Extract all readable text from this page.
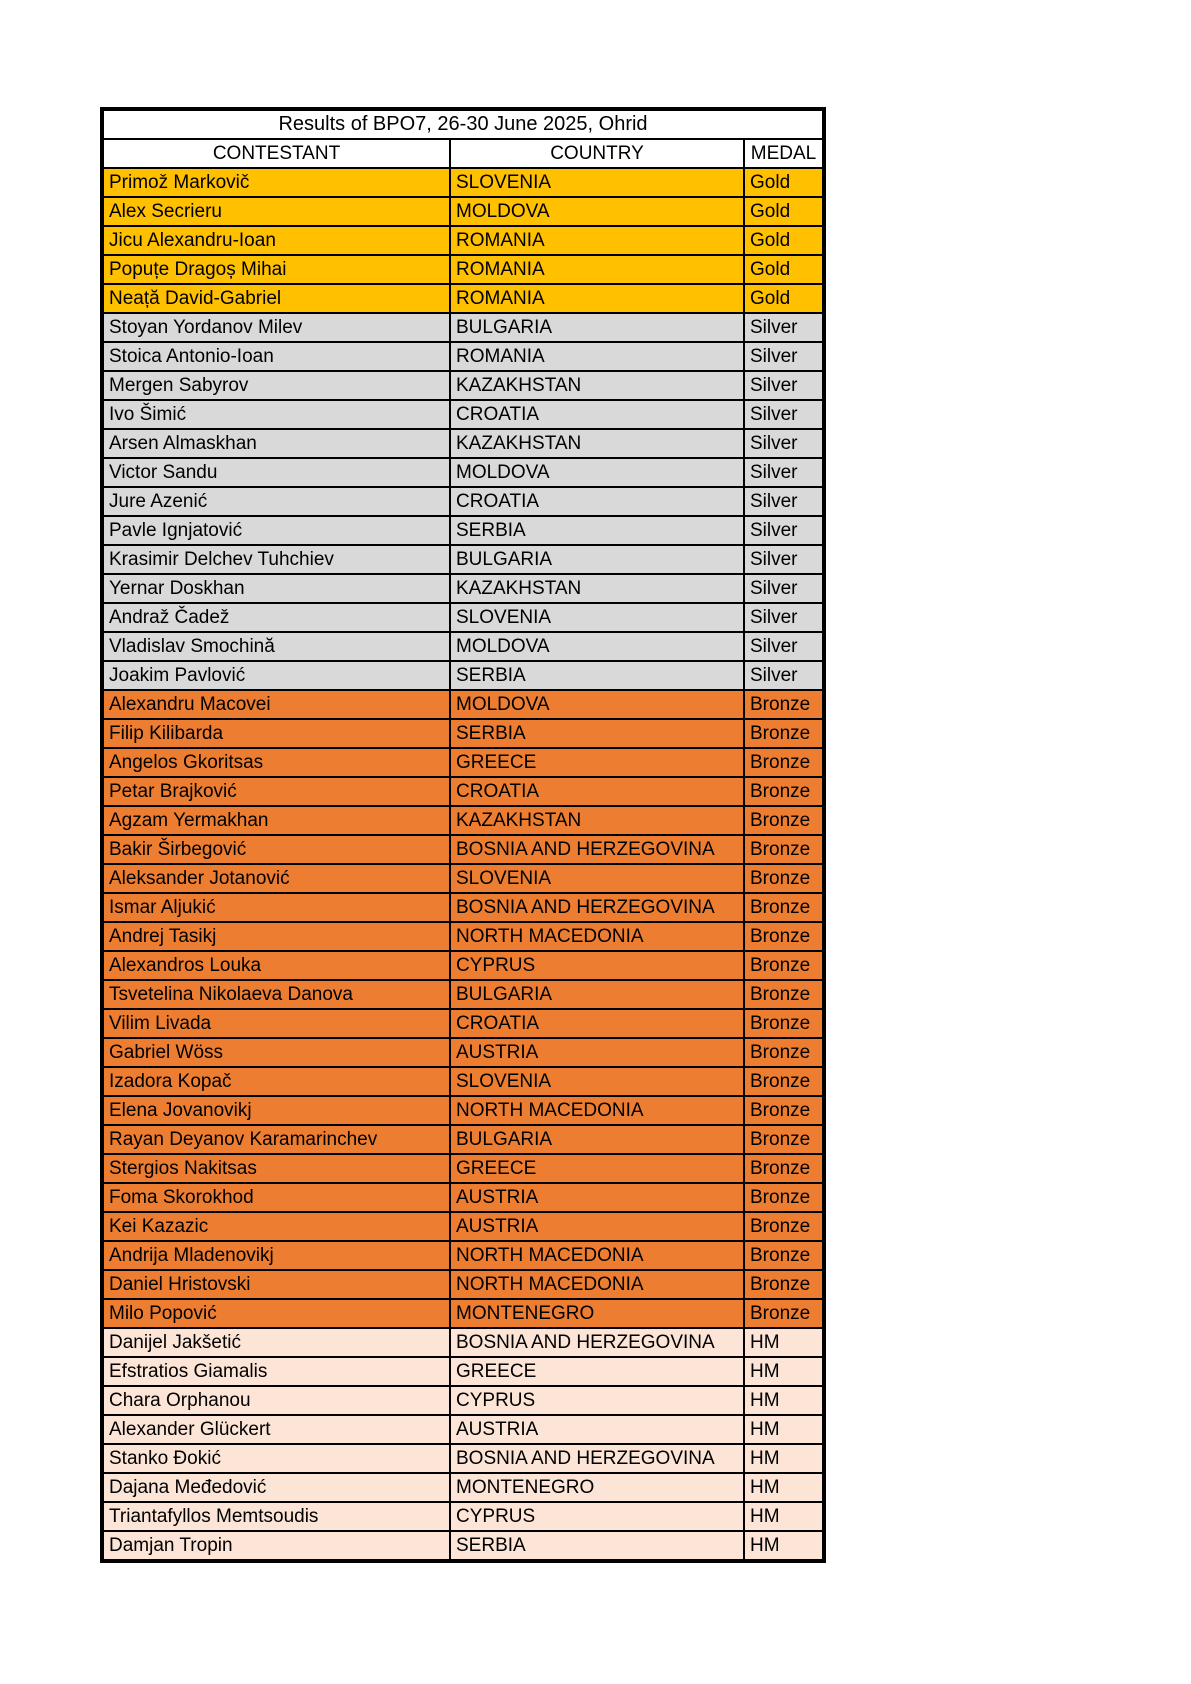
Results of BPO7, 26-30 June 2025, Ohrid		
CONTESTANT	COUNTRY	MEDAL
Primož Markovič	SLOVENIA	Gold
Alex Secrieru	MOLDOVA	Gold
Jicu Alexandru-Ioan	ROMANIA	Gold
Popuțe Dragoș Mihai	ROMANIA	Gold
Neață David-Gabriel	ROMANIA	Gold
Stoyan Yordanov Milev	BULGARIA	Silver
Stoica Antonio-Ioan	ROMANIA	Silver
Mergen Sabyrov	KAZAKHSTAN	Silver
Ivo Šimić	CROATIA	Silver
Arsen Almaskhan	KAZAKHSTAN	Silver
Victor Sandu	MOLDOVA	Silver
Jure Azenić	CROATIA	Silver
Pavle Ignjatović	SERBIA	Silver
Krasimir Delchev Tuhchiev	BULGARIA	Silver
Yernar Doskhan	KAZAKHSTAN	Silver
Andraž Čadež	SLOVENIA	Silver
Vladislav Smochină	MOLDOVA	Silver
Joakim Pavlović	SERBIA	Silver
Alexandru Macovei	MOLDOVA	Bronze
Filip Kilibarda	SERBIA	Bronze
Angelos Gkoritsas	GREECE	Bronze
Petar Brajković	CROATIA	Bronze
Agzam Yermakhan	KAZAKHSTAN	Bronze
Bakir Širbegović	BOSNIA AND HERZEGOVINA	Bronze
Aleksander Jotanović	SLOVENIA	Bronze
Ismar Aljukić	BOSNIA AND HERZEGOVINA	Bronze
Andrej Tasikj	NORTH MACEDONIA	Bronze
Alexandros Louka	CYPRUS	Bronze
Tsvetelina Nikolaeva Danova	BULGARIA	Bronze
Vilim Livada	CROATIA	Bronze
Gabriel Wöss	AUSTRIA	Bronze
Izadora Kopač	SLOVENIA	Bronze
Elena Jovanovikj	NORTH MACEDONIA	Bronze
Rayan Deyanov Karamarinchev	BULGARIA	Bronze
Stergios Nakitsas	GREECE	Bronze
Foma Skorokhod	AUSTRIA	Bronze
Kei Kazazic	AUSTRIA	Bronze
Andrija Mladenovikj	NORTH MACEDONIA	Bronze
Daniel Hristovski	NORTH MACEDONIA	Bronze
Milo Popović	MONTENEGRO	Bronze
Danijel Jakšetić	BOSNIA AND HERZEGOVINA	HM
Efstratios Giamalis	GREECE	HM
Chara Orphanou	CYPRUS	HM
Alexander Glückert	AUSTRIA	HM
Stanko Đokić	BOSNIA AND HERZEGOVINA	HM
Dajana Međedović	MONTENEGRO	HM
Triantafyllos Memtsoudis	CYPRUS	HM
Damjan Tropin	SERBIA	HM
